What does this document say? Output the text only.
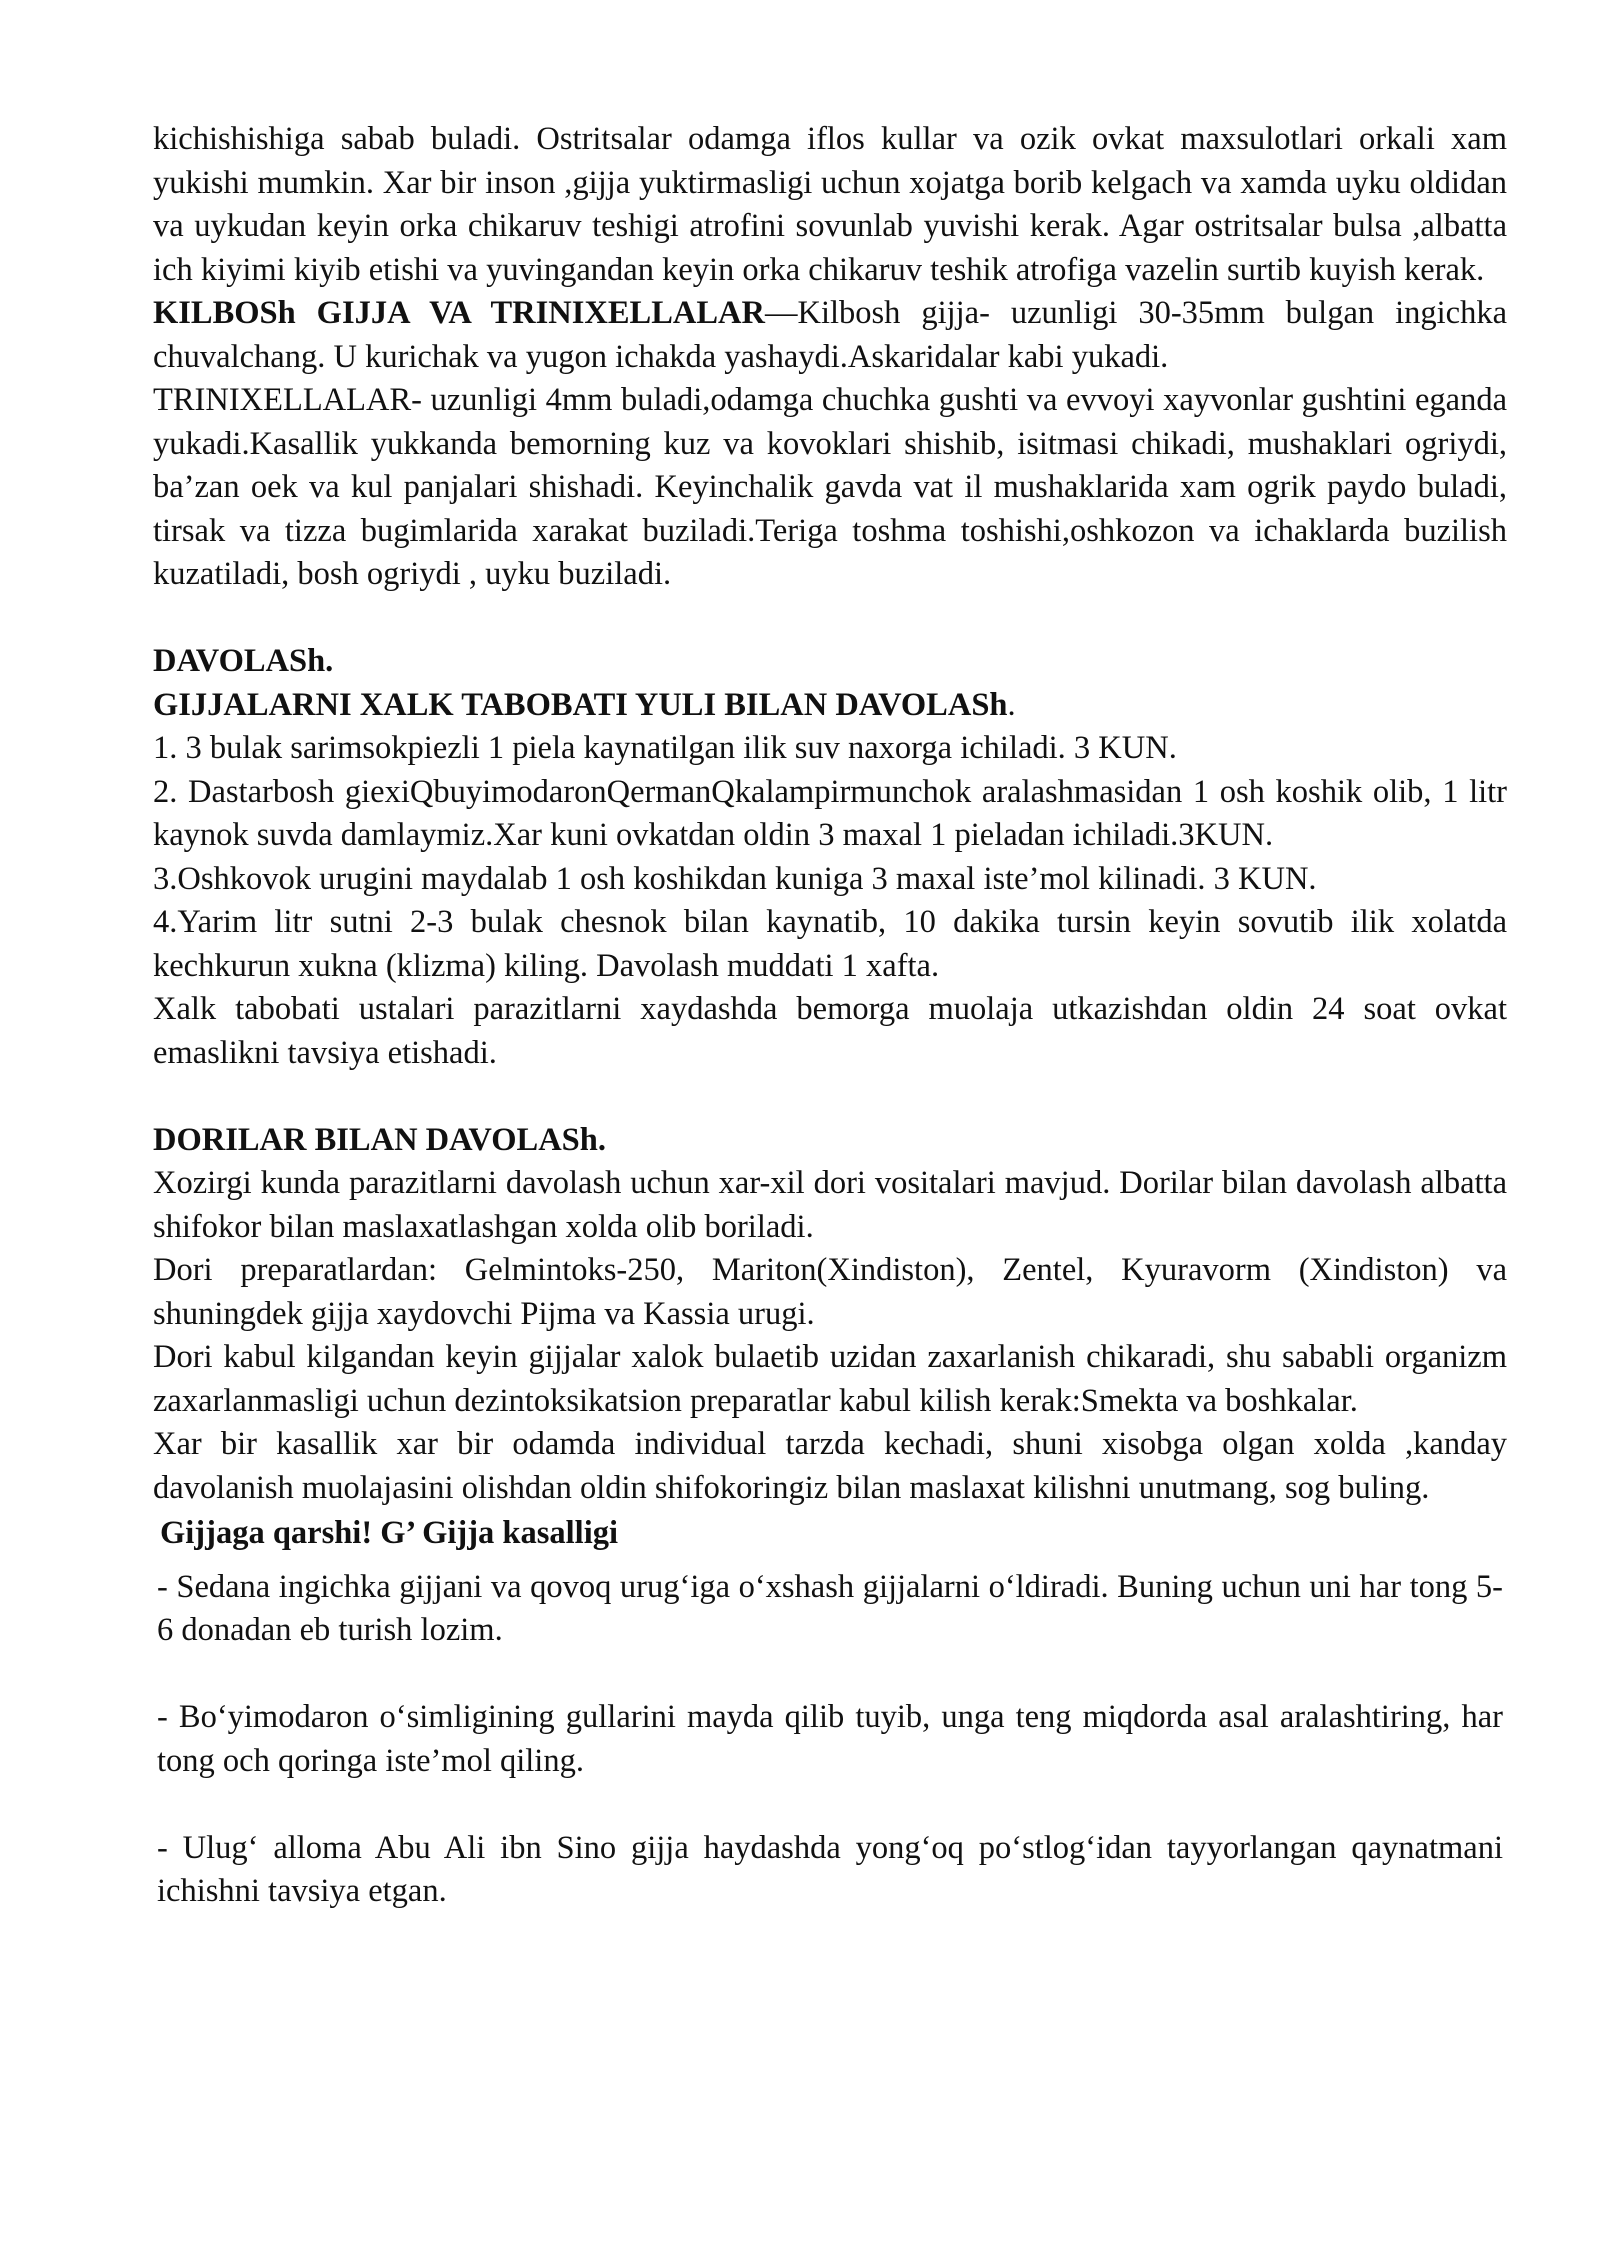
kichishishiga sabab buladi. Ostritsalar odamga iflos kullar va ozik ovkat maxsulotlari orkali xam yukishi mumkin. Xar bir inson ,gijja yuktirmasligi uchun xojatga borib kelgach va xamda uyku oldidan va uykudan keyin orka chikaruv teshigi atrofini sovunlab yuvishi kerak. Agar ostritsalar bulsa ,albatta ich kiyimi kiyib etishi va yuvingandan keyin orka chikaruv teshik atrofiga vazelin surtib kuyish kerak.

KILBOSh GIJJA VA TRINIXELLALAR—Kilbosh gijja- uzunligi 30-35mm bulgan ingichka chuvalchang. U kurichak va yugon ichakda yashaydi.Askaridalar kabi yukadi.

TRINIXELLALAR- uzunligi 4mm buladi,odamga chuchka gushti va evvoyi xayvonlar gushtini eganda yukadi.Kasallik yukkanda bemorning kuz va kovoklari shishib, isitmasi chikadi, mushaklari ogriydi, ba’zan oek va kul panjalari shishadi. Keyinchalik gavda vat il mushaklarida xam ogrik paydo buladi, tirsak va tizza bugimlarida xarakat buziladi.Teriga toshma toshishi,oshkozon va ichaklarda buzilish kuzatiladi, bosh ogriydi , uyku buziladi.

DAVOLASh.

GIJJALARNI XALK TABOBATI YULI BILAN DAVOLASh.

1. 3 bulak sarimsokpiezli 1 piela kaynatilgan ilik suv naxorga ichiladi. 3 KUN.

2. Dastarbosh giexiQbuyimodaronQermanQkalampirmunchok aralashmasidan 1 osh koshik olib, 1 litr kaynok suvda damlaymiz.Xar kuni ovkatdan oldin 3 maxal 1 pieladan ichiladi.3KUN.

3.Oshkovok urugini maydalab 1 osh koshikdan kuniga 3 maxal iste’mol kilinadi. 3 KUN.

4.Yarim litr sutni 2-3 bulak chesnok bilan kaynatib, 10 dakika tursin keyin sovutib ilik xolatda kechkurun xukna (klizma) kiling. Davolash muddati 1 xafta.

Xalk tabobati ustalari parazitlarni xaydashda bemorga muolaja utkazishdan oldin 24 soat ovkat emaslikni tavsiya etishadi.

DORILAR BILAN DAVOLASh.

Xozirgi kunda parazitlarni davolash uchun xar-xil dori vositalari mavjud. Dorilar bilan davolash albatta shifokor bilan maslaxatlashgan xolda olib boriladi.

Dori preparatlardan: Gelmintoks-250, Mariton(Xindiston), Zentel, Kyuravorm (Xindiston) va shuningdek gijja xaydovchi Pijma va Kassia urugi.

Dori kabul kilgandan keyin gijjalar xalok bulaetib uzidan zaxarlanish chikaradi, shu sababli organizm zaxarlanmasligi uchun dezintoksikatsion preparatlar kabul kilish kerak:Smekta va boshkalar.

Xar bir kasallik xar bir odamda individual tarzda kechadi, shuni xisobga olgan xolda ,kanday davolanish muolajasini olishdan oldin shifokoringiz bilan maslaxat kilishni unutmang, sog buling.

Gijjaga qarshi! G’ Gijja kasalligi

- Sedana ingichka gijjani va qovoq urug‘iga o‘xshash gijjalarni o‘ldiradi. Buning uchun uni har tong 5-6 donadan eb turish lozim.

- Bo‘yimodaron o‘simligining gullarini mayda qilib tuyib, unga teng miqdorda asal aralashtiring, har tong och qoringa iste’mol qiling.

- Ulug‘ alloma Abu Ali ibn Sino gijja haydashda yong‘oq po‘stlog‘idan tayyorlangan qaynatmani ichishni tavsiya etgan.
